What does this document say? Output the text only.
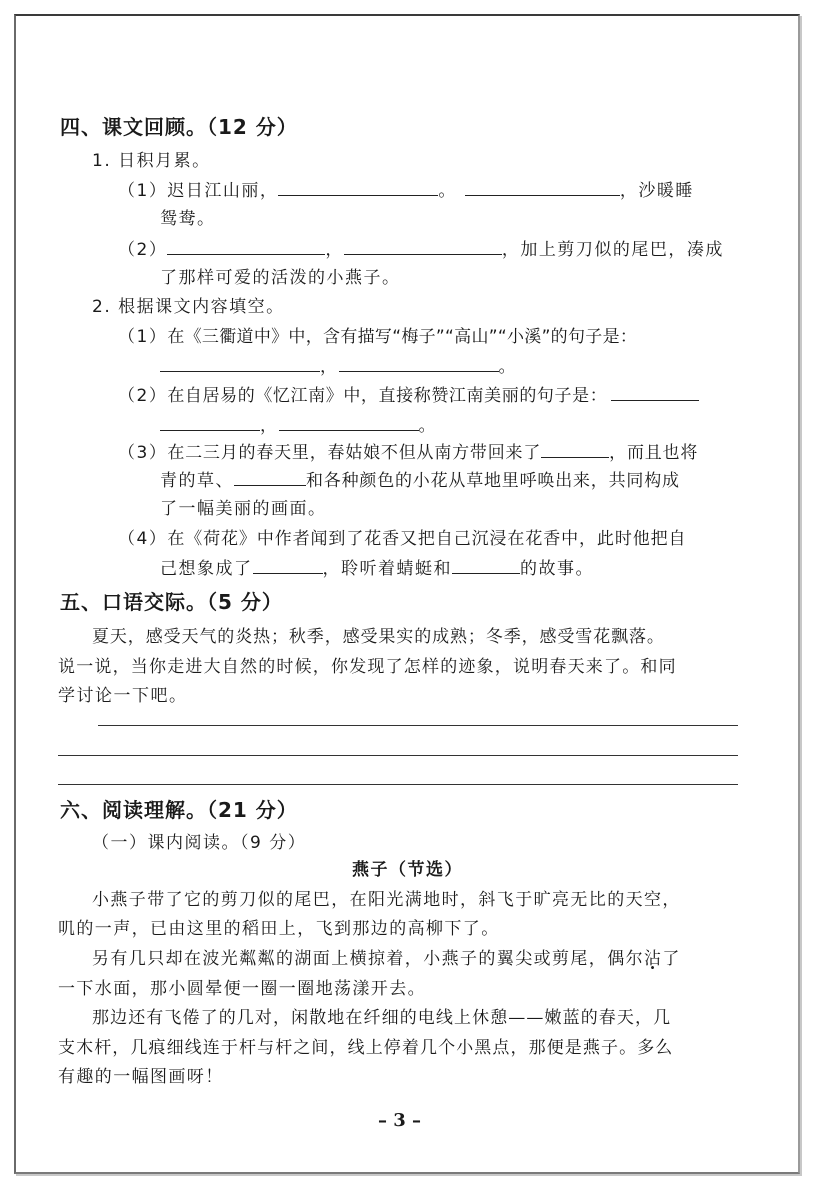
四、课文回顾。（12 分）
1. 日积月累。
（1）迟日江山丽，	。	，沙暖睡
鸳鸯。
（2）	，	，加上剪刀似的尾巴，凑成
了那样可爱的活泼的小燕子。
2. 根据课文内容填空。
（1）在《三衢道中》中，含有描写“梅子”“高山”“小溪”的句子是：
，	。
（2）在自居易的《忆江南》中，直接称赞江南美丽的句子是：
，	。
（3）在二三月的春天里，春姑娘不但从南方带回来了	，而且也将
青的草、	和各种颜色的小花从草地里呼唤出来，共同构成
了一幅美丽的画面。
（4）在《荷花》中作者闻到了花香又把自己沉浸在花香中，此时他把自
己想象成了	，聆听着蜻蜓和	的故事。
五、口语交际。（5 分）
夏天，感受天气的炎热；秋季，感受果实的成熟；冬季，感受雪花飘落。
说一说，当你走进大自然的时候，你发现了怎样的迹象，说明春天来了。和同
学讨论一下吧。
六、阅读理解。（21 分）
（一）课内阅读。（9 分）
燕子（节选）
小燕子带了它的剪刀似的尾巴，在阳光满地时，斜飞于旷亮无比的天空，
叽的一声，已由这里的稻田上，飞到那边的高柳下了。
另有几只却在波光粼粼的湖面上横掠着，小燕子的翼尖或剪尾，偶尔沾了
一下水面，那小圆晕便一圈一圈地荡漾开去。
那边还有飞倦了的几对，闲散地在纤细的电线上休憩——嫩蓝的春天，几
支木杆，几痕细线连于杆与杆之间，线上停着几个小黑点，那便是燕子。多么
有趣的一幅图画呀！
– 3 –
